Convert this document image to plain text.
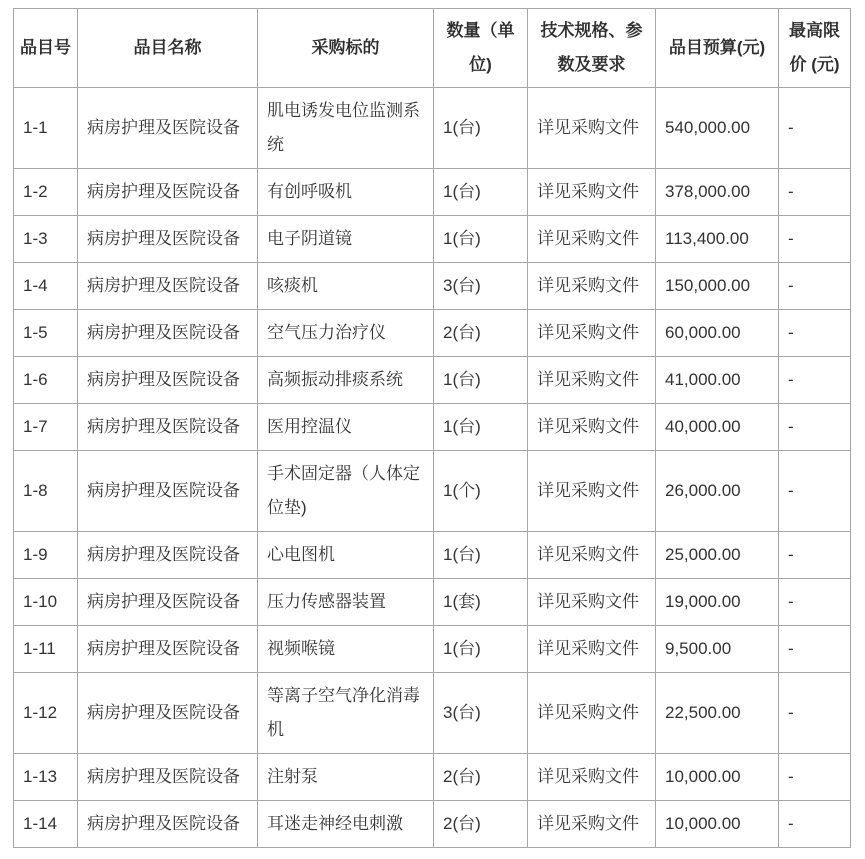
品目号	品目名称	采购标的	数量（单位)	技术规格、参数及要求	品目预算(元)	最高限价 (元)
1-1	病房护理及医院设备	肌电诱发电位监测系统	1(台)	详见采购文件	540,000.00	-
1-2	病房护理及医院设备	有创呼吸机	1(台)	详见采购文件	378,000.00	-
1-3	病房护理及医院设备	电子阴道镜	1(台)	详见采购文件	113,400.00	-
1-4	病房护理及医院设备	咳痰机	3(台)	详见采购文件	150,000.00	-
1-5	病房护理及医院设备	空气压力治疗仪	2(台)	详见采购文件	60,000.00	-
1-6	病房护理及医院设备	高频振动排痰系统	1(台)	详见采购文件	41,000.00	-
1-7	病房护理及医院设备	医用控温仪	1(台)	详见采购文件	40,000.00	-
1-8	病房护理及医院设备	手术固定器（人体定位垫)	1(个)	详见采购文件	26,000.00	-
1-9	病房护理及医院设备	心电图机	1(台)	详见采购文件	25,000.00	-
1-10	病房护理及医院设备	压力传感器装置	1(套)	详见采购文件	19,000.00	-
1-11	病房护理及医院设备	视频喉镜	1(台)	详见采购文件	9,500.00	-
1-12	病房护理及医院设备	等离子空气净化消毒机	3(台)	详见采购文件	22,500.00	-
1-13	病房护理及医院设备	注射泵	2(台)	详见采购文件	10,000.00	-
1-14	病房护理及医院设备	耳迷走神经电刺激	2(台)	详见采购文件	10,000.00	-
